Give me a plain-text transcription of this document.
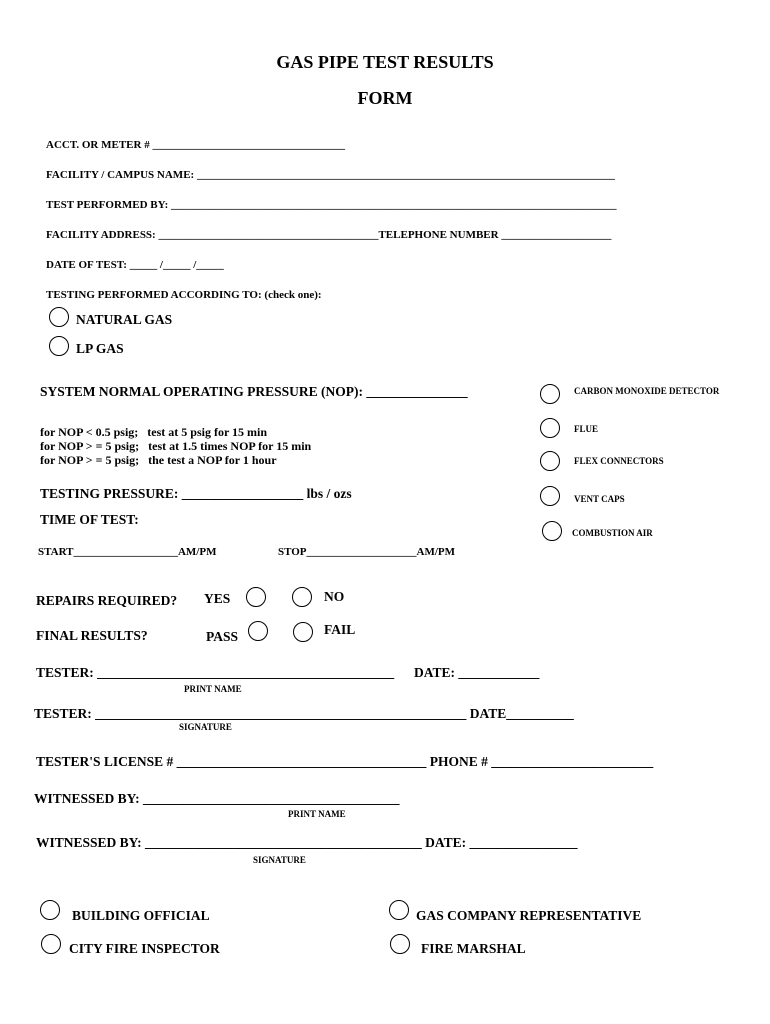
GAS PIPE TEST RESULTS
FORM
ACCT. OR METER # ___________________________________
FACILITY / CAMPUS NAME: ____________________________________________________________________________
TEST PERFORMED BY: _________________________________________________________________________________
FACILITY ADDRESS: ________________________________________TELEPHONE NUMBER ____________________
DATE OF TEST: _____ /_____ /_____
TESTING PERFORMED ACCORDING TO: (check one):
NATURAL GAS
LP GAS
SYSTEM NORMAL OPERATING PRESSURE (NOP): _______________
for NOP < 0.5 psig;   test at 5 psig for 15 min
for NOP > = 5 psig;   test at 1.5 times NOP for 15 min
for NOP > = 5 psig;   the test a NOP for 1 hour
CARBON MONOXIDE DETECTOR
FLUE
FLEX CONNECTORS
VENT CAPS
COMBUSTION AIR
TESTING PRESSURE: __________________ lbs / ozs
TIME OF TEST:
START___________________AM/PM	STOP____________________AM/PM
REPAIRS REQUIRED? YES	NO
FINAL RESULTS?	PASS	FAIL
TESTER: ____________________________________________ DATE: ____________
PRINT NAME
TESTER: _______________________________________________________ DATE__________
SIGNATURE
TESTER'S LICENSE # _____________________________________ PHONE # ________________________
WITNESSED BY: ______________________________________
PRINT NAME
WITNESSED BY: _________________________________________ DATE: ________________
SIGNATURE
BUILDING OFFICIAL	GAS COMPANY REPRESENTATIVE
CITY FIRE INSPECTOR	FIRE MARSHAL
